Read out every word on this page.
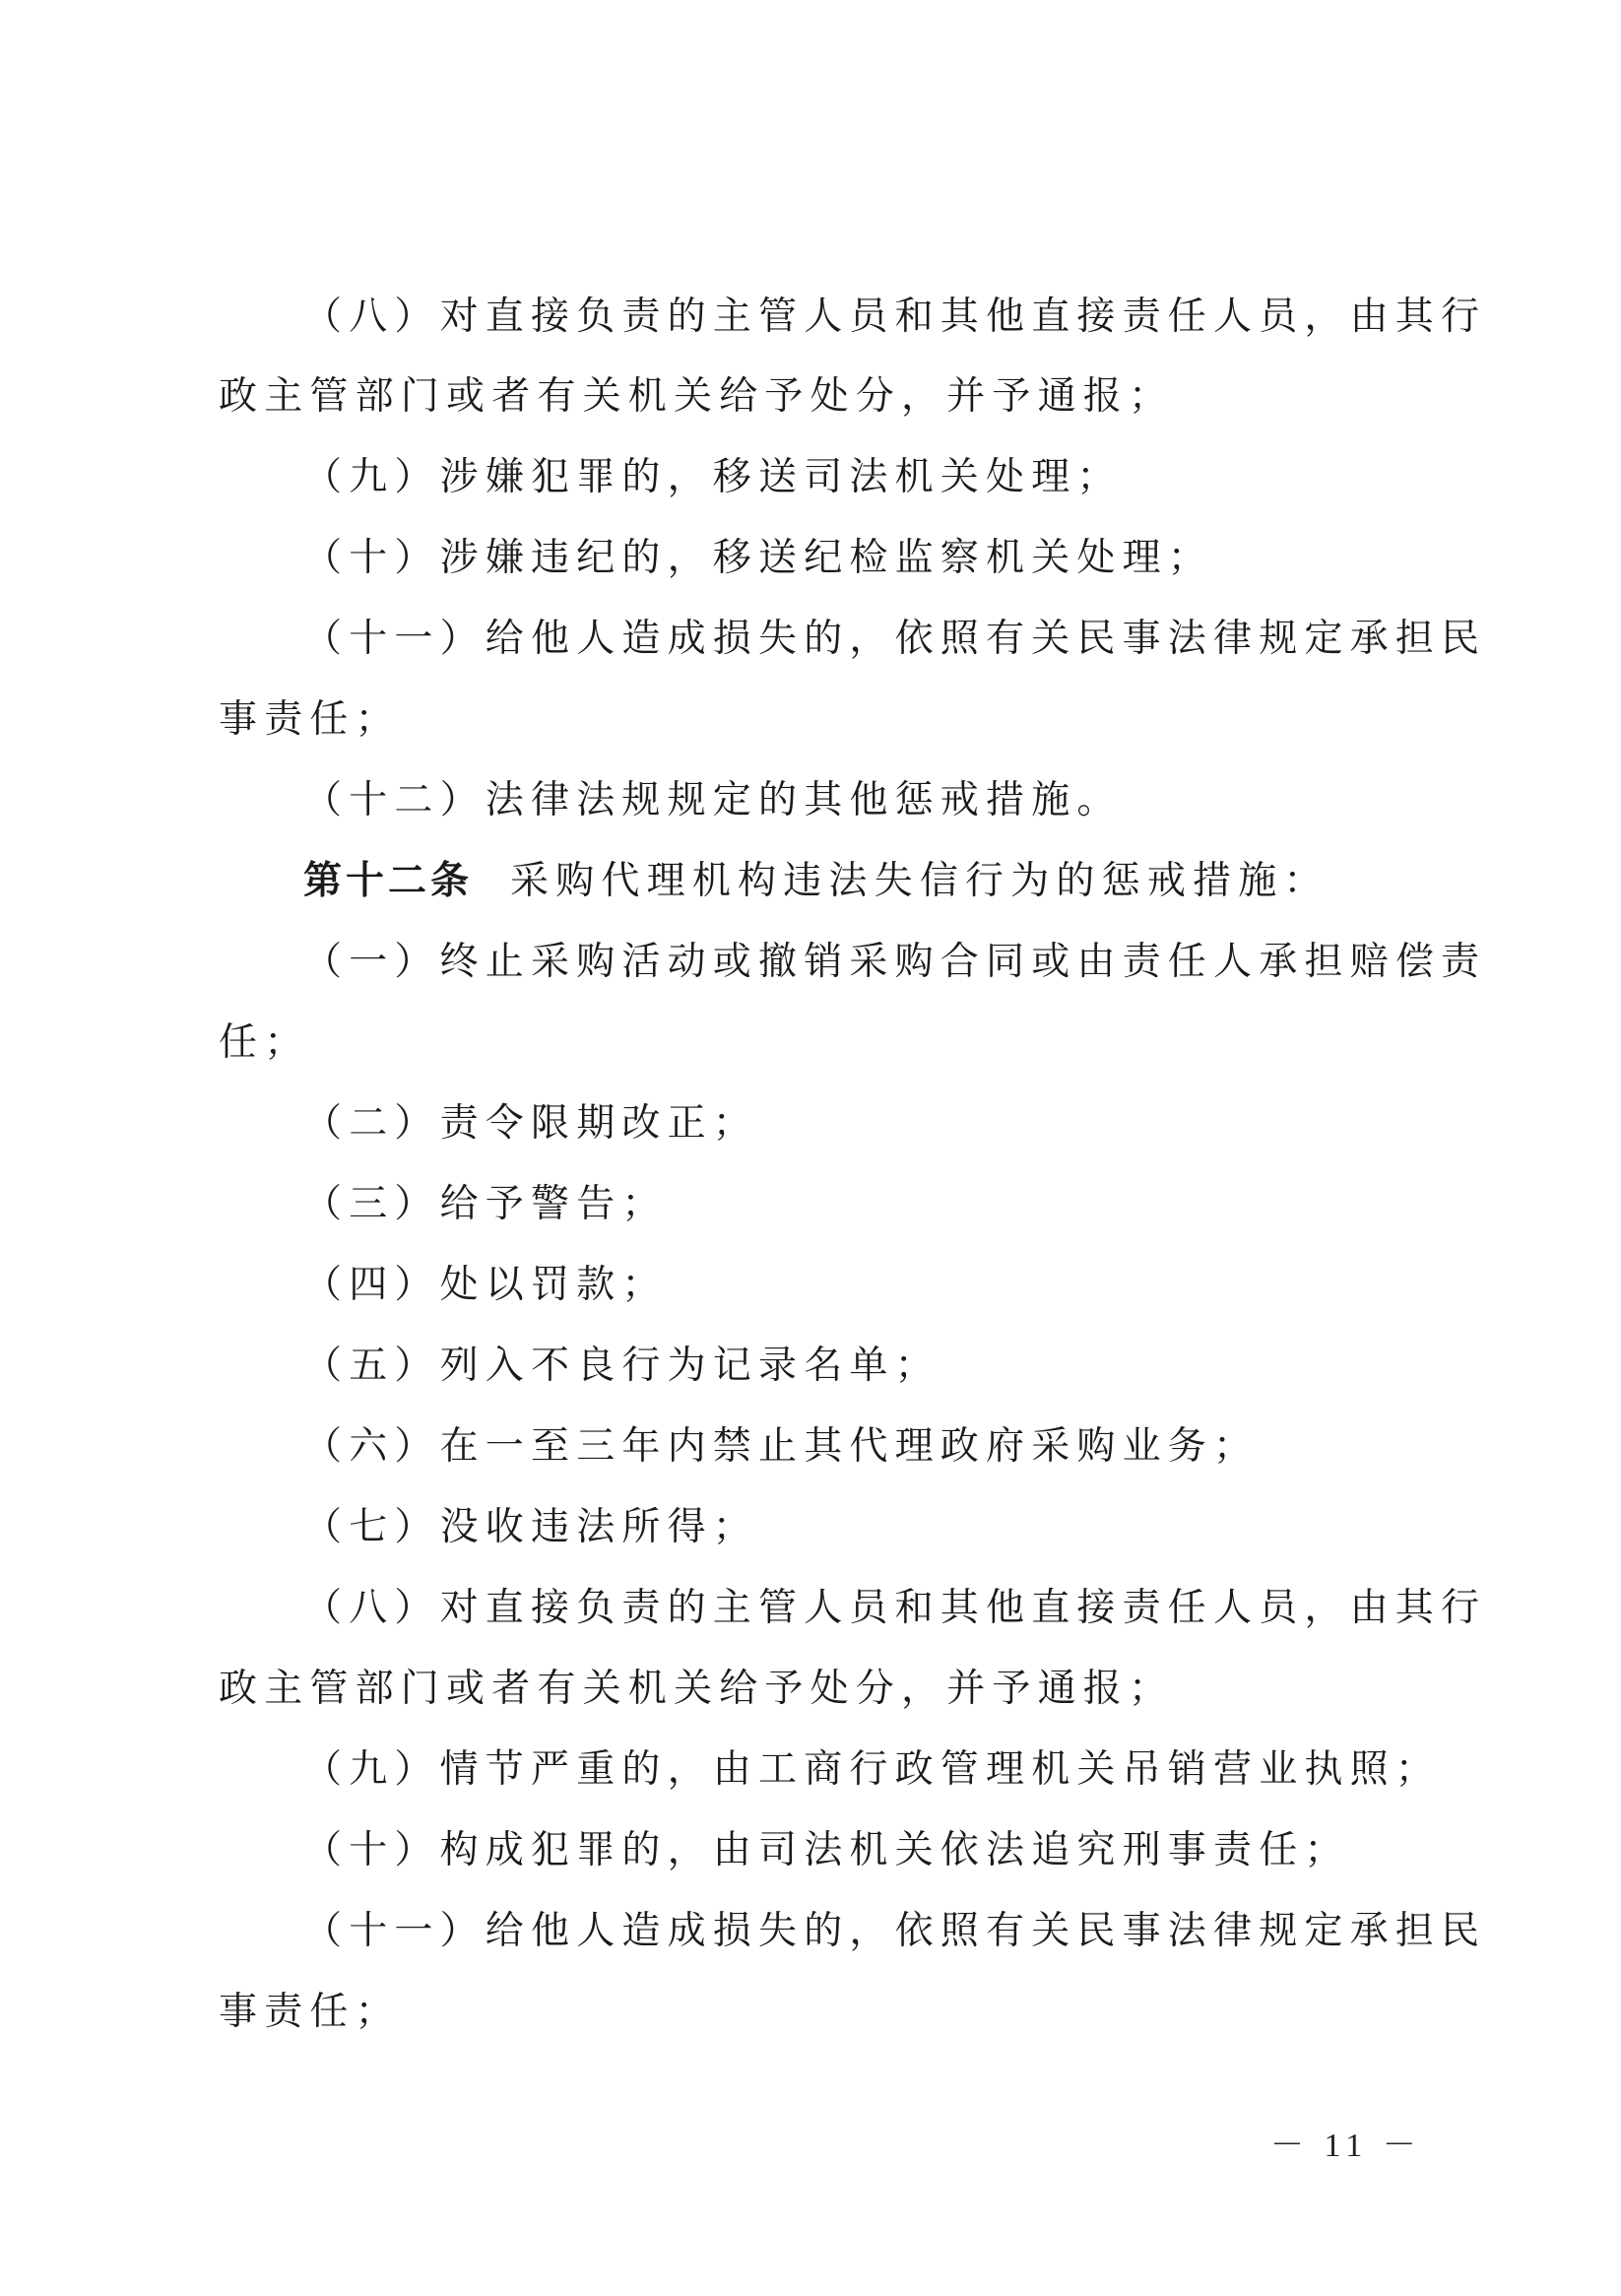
（八）对直接负责的主管人员和其他直接责任人员，由其行
政主管部门或者有关机关给予处分，并予通报；
（九）涉嫌犯罪的，移送司法机关处理；
（十）涉嫌违纪的，移送纪检监察机关处理；
（十一）给他人造成损失的，依照有关民事法律规定承担民
事责任；
（十二）法律法规规定的其他惩戒措施。
第十二条 采购代理机构违法失信行为的惩戒措施：
（一）终止采购活动或撤销采购合同或由责任人承担赔偿责
任；
（二）责令限期改正；
（三）给予警告；
（四）处以罚款；
（五）列入不良行为记录名单；
（六）在一至三年内禁止其代理政府采购业务；
（七）没收违法所得；
（八）对直接负责的主管人员和其他直接责任人员，由其行
政主管部门或者有关机关给予处分，并予通报；
（九）情节严重的，由工商行政管理机关吊销营业执照；
（十）构成犯罪的，由司法机关依法追究刑事责任；
（十一）给他人造成损失的，依照有关民事法律规定承担民
事责任；
－ 11 －
